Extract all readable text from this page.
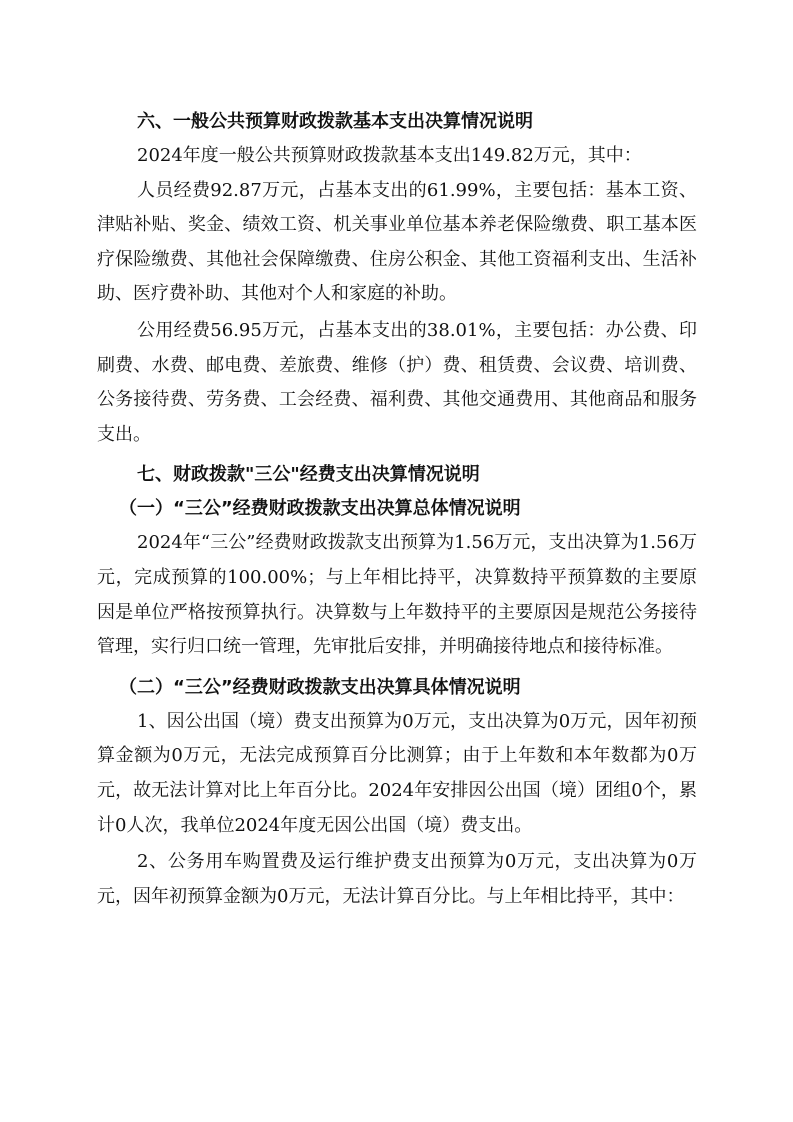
六、一般公共预算财政拨款基本支出决算情况说明

2024年度一般公共预算财政拨款基本支出149.82万元，其中：

人员经费92.87万元，占基本支出的61.99%，主要包括：基本工资、津贴补贴、奖金、绩效工资、机关事业单位基本养老保险缴费、职工基本医疗保险缴费、其他社会保障缴费、住房公积金、其他工资福利支出、生活补助、医疗费补助、其他对个人和家庭的补助。

公用经费56.95万元，占基本支出的38.01%，主要包括：办公费、印刷费、水费、邮电费、差旅费、维修（护）费、租赁费、会议费、培训费、公务接待费、劳务费、工会经费、福利费、其他交通费用、其他商品和服务支出。

七、财政拨款"三公"经费支出决算情况说明

（一）“三公”经费财政拨款支出决算总体情况说明

2024年“三公”经费财政拨款支出预算为1.56万元，支出决算为1.56万元，完成预算的100.00%；与上年相比持平，决算数持平预算数的主要原因是单位严格按预算执行。决算数与上年数持平的主要原因是规范公务接待管理，实行归口统一管理，先审批后安排，并明确接待地点和接待标准。

（二）“三公”经费财政拨款支出决算具体情况说明

1、因公出国（境）费支出预算为0万元，支出决算为0万元，因年初预算金额为0万元，无法完成预算百分比测算；由于上年数和本年数都为0万元，故无法计算对比上年百分比。2024年安排因公出国（境）团组0个，累计0人次，我单位2024年度无因公出国（境）费支出。

2、公务用车购置费及运行维护费支出预算为0万元，支出决算为0万元，因年初预算金额为0万元，无法计算百分比。与上年相比持平，其中：
